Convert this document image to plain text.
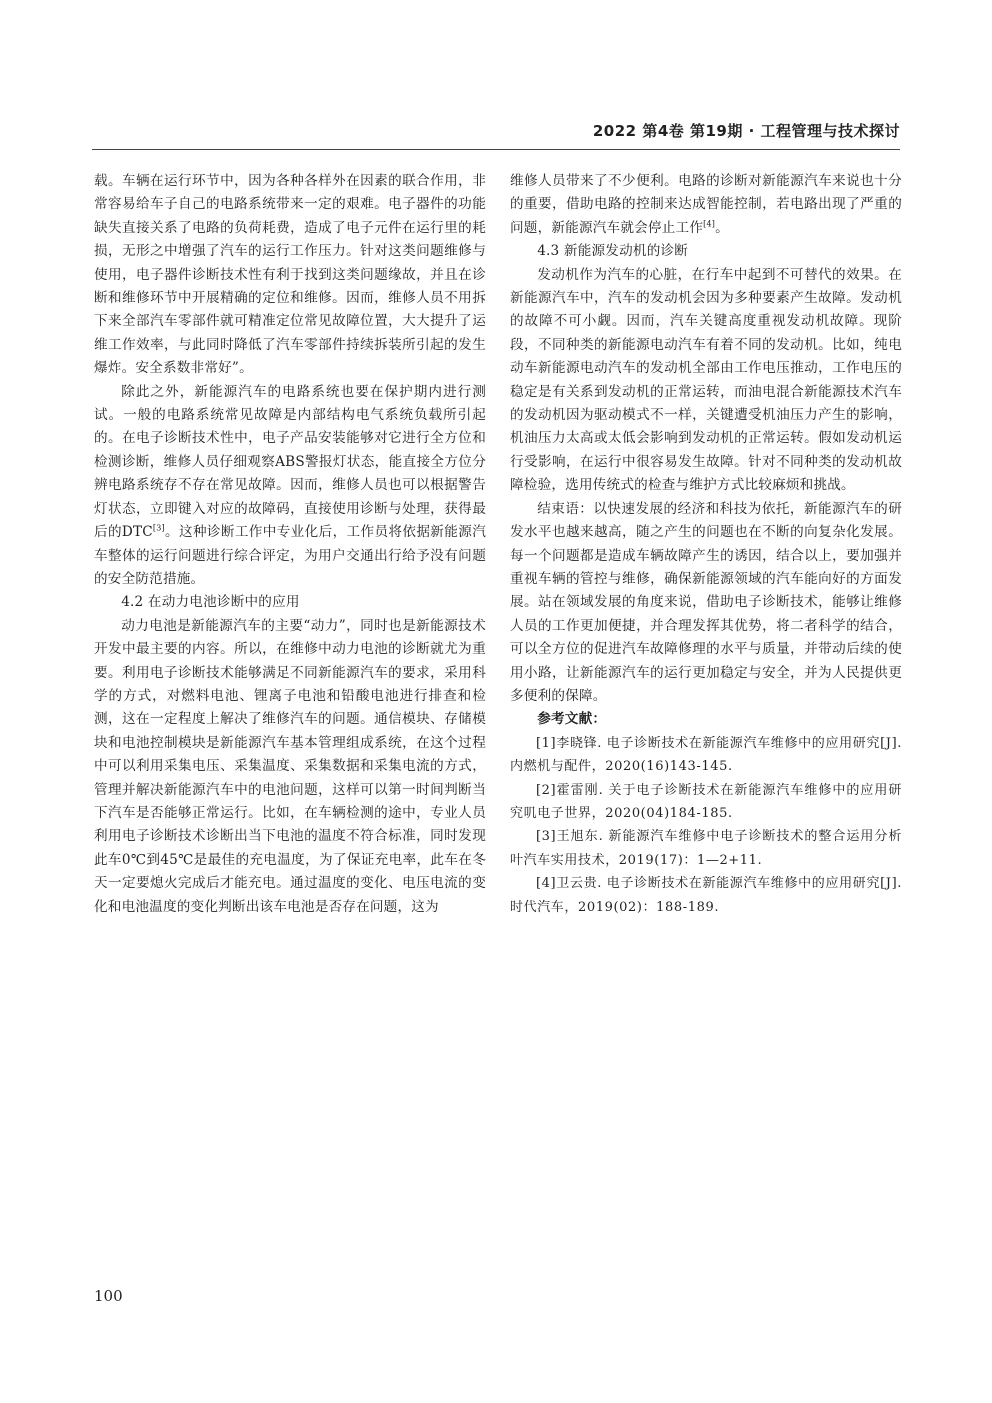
2022 第4卷 第19期 · 工程管理与技术探讨

载。车辆在运行环节中，因为各种各样外在因素的联合作用，非常容易给车子自己的电路系统带来一定的艰难。电子器件的功能缺失直接关系了电路的负荷耗费，造成了电子元件在运行里的耗损，无形之中增强了汽车的运行工作压力。针对这类问题维修与使用，电子器件诊断技术性有利于找到这类问题缘故，并且在诊断和维修环节中开展精确的定位和维修。因而，维修人员不用拆下来全部汽车零部件就可精准定位常见故障位置，大大提升了运维工作效率，与此同时降低了汽车零部件持续拆装所引起的发生爆炸。安全系数非常好”。

除此之外，新能源汽车的电路系统也要在保护期内进行测试。一般的电路系统常见故障是内部结构电气系统负载所引起的。在电子诊断技术性中，电子产品安装能够对它进行全方位和检测诊断，维修人员仔细观察ABS警报灯状态，能直接全方位分辨电路系统存不存在常见故障。因而，维修人员也可以根据警告灯状态，立即键入对应的故障码，直接使用诊断与处理，获得最后的DTC[3]。这种诊断工作中专业化后，工作员将依据新能源汽车整体的运行问题进行综合评定，为用户交通出行给予没有问题的安全防范措施。

4.2 在动力电池诊断中的应用

动力电池是新能源汽车的主要“动力”，同时也是新能源技术开发中最主要的内容。所以，在维修中动力电池的诊断就尤为重要。利用电子诊断技术能够满足不同新能源汽车的要求，采用科学的方式，对燃料电池、锂离子电池和铅酸电池进行排查和检测，这在一定程度上解决了维修汽车的问题。通信模块、存储模块和电池控制模块是新能源汽车基本管理组成系统，在这个过程中可以利用采集电压、采集温度、采集数据和采集电流的方式，管理并解决新能源汽车中的电池问题，这样可以第一时间判断当下汽车是否能够正常运行。比如，在车辆检测的途中，专业人员利用电子诊断技术诊断出当下电池的温度不符合标准，同时发现此车0℃到45℃是最佳的充电温度，为了保证充电率，此车在冬天一定要熄火完成后才能充电。通过温度的变化、电压电流的变化和电池温度的变化判断出该车电池是否存在问题，这为

维修人员带来了不少便利。电路的诊断对新能源汽车来说也十分的重要，借助电路的控制来达成智能控制，若电路出现了严重的问题，新能源汽车就会停止工作[4]。

4.3 新能源发动机的诊断

发动机作为汽车的心脏，在行车中起到不可替代的效果。在新能源汽车中，汽车的发动机会因为多种要素产生故障。发动机的故障不可小觑。因而，汽车关键高度重视发动机故障。现阶段，不同种类的新能源电动汽车有着不同的发动机。比如，纯电动车新能源电动汽车的发动机全部由工作电压推动，工作电压的稳定是有关系到发动机的正常运转，而油电混合新能源技术汽车的发动机因为驱动模式不一样，关键遭受机油压力产生的影响，机油压力太高或太低会影响到发动机的正常运转。假如发动机运行受影响，在运行中很容易发生故障。针对不同种类的发动机故障检验，选用传统式的检查与维护方式比较麻烦和挑战。

结束语：以快速发展的经济和科技为依托，新能源汽车的研发水平也越来越高，随之产生的问题也在不断的向复杂化发展。每一个问题都是造成车辆故障产生的诱因，结合以上，要加强并重视车辆的管控与维修，确保新能源领域的汽车能向好的方面发展。站在领域发展的角度来说，借助电子诊断技术，能够让维修人员的工作更加便捷，并合理发挥其优势，将二者科学的结合，可以全方位的促进汽车故障修理的水平与质量，并带动后续的使用小路，让新能源汽车的运行更加稳定与安全，并为人民提供更多便利的保障。

参考文献：

[1]李晓锋. 电子诊断技术在新能源汽车维修中的应用研究[J]. 内燃机与配件，2020(16)143-145.

[2]霍雷刚. 关于电子诊断技术在新能源汽车维修中的应用研究叽电子世界，2020(04)184-185.

[3]王旭东. 新能源汽车维修中电子诊断技术的整合运用分析叶汽车实用技术，2019(17)：1—2+11.

[4]卫云贵. 电子诊断技术在新能源汽车维修中的应用研究[J]. 时代汽车，2019(02)：188-189.

100
